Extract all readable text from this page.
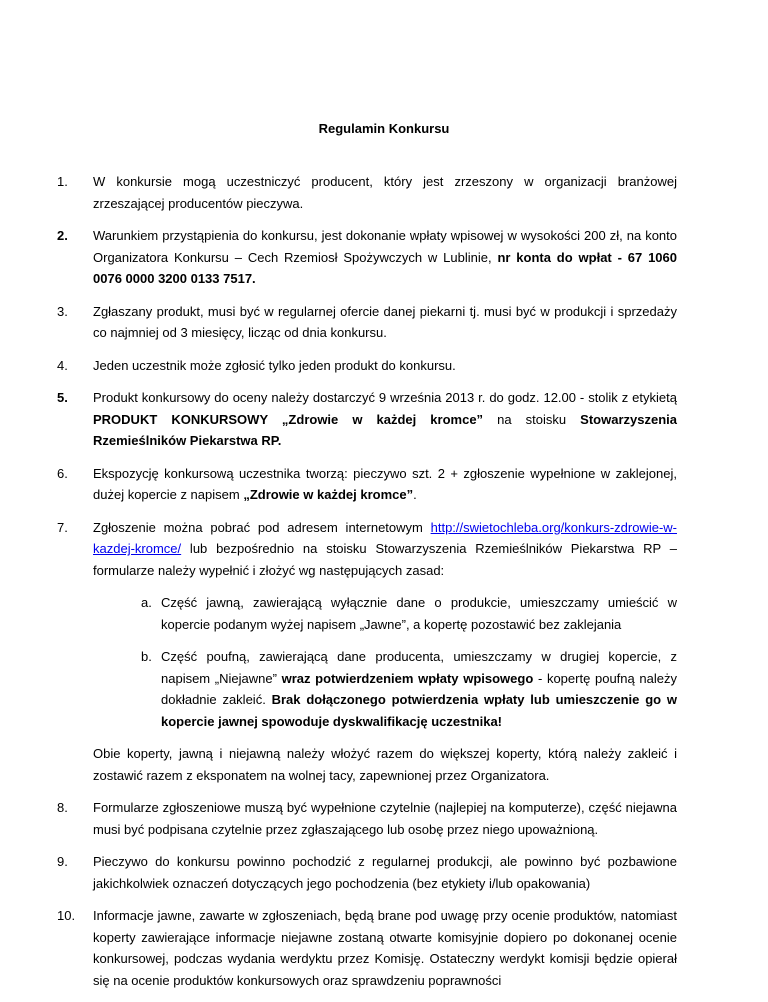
Regulamin Konkursu
1.	W konkursie mogą uczestniczyć producent, który jest zrzeszony w organizacji branżowej zrzeszającej producentów pieczywa.
2.	Warunkiem przystąpienia do konkursu, jest dokonanie wpłaty wpisowej w wysokości 200 zł, na konto Organizatora Konkursu – Cech Rzemiosł Spożywczych w Lublinie, nr konta do wpłat - 67 1060 0076 0000 3200 0133 7517.
3.	Zgłaszany produkt, musi być w regularnej ofercie danej piekarni tj. musi być w produkcji i sprzedaży co najmniej od 3 miesięcy, licząc od dnia konkursu.
4.	Jeden uczestnik może zgłosić tylko jeden produkt do konkursu.
5.	Produkt konkursowy do oceny należy dostarczyć 9 września 2013 r. do godz. 12.00 - stolik z etykietą PRODUKT KONKURSOWY „Zdrowie w każdej kromce” na stoisku Stowarzyszenia Rzemieślników Piekarstwa RP.
6.	Ekspozycję konkursową uczestnika tworzą: pieczywo szt. 2 + zgłoszenie wypełnione w zaklejonej, dużej kopercie z napisem „Zdrowie w każdej kromce”.
7.	Zgłoszenie można pobrać pod adresem internetowym http://swietochleba.org/konkurs-zdrowie-w-kazdej-kromce/ lub bezpośrednio na stoisku Stowarzyszenia Rzemieślników Piekarstwa RP – formularze należy wypełnić i złożyć wg następujących zasad:
a. Część jawną, zawierającą wyłącznie dane o produkcie, umieszczamy umieścić w kopercie podanym wyżej napisem „Jawne”, a kopertę pozostawić bez zaklejania
b. Część poufną, zawierającą dane producenta, umieszczamy w drugiej kopercie, z napisem „Niejawne” wraz potwierdzeniem wpłaty wpisowego - kopertę poufną należy dokładnie zakleić. Brak dołączonego potwierdzenia wpłaty lub umieszczenie go w kopercie jawnej spowoduje dyskwalifikację uczestnika!
Obie koperty, jawną i niejawną należy włożyć razem do większej koperty, którą należy zakleić i zostawić razem z eksponatem na wolnej tacy, zapewnionej przez Organizatora.
8.	Formularze zgłoszeniowe muszą być wypełnione czytelnie (najlepiej na komputerze), część niejawna musi być podpisana czytelnie przez zgłaszającego lub osobę przez niego upoważnioną.
9.	Pieczywo do konkursu powinno pochodzić z regularnej produkcji, ale powinno być pozbawione jakichkolwiek oznaczeń dotyczących jego pochodzenia (bez etykiety i/lub opakowania)
10.	Informacje jawne, zawarte w zgłoszeniach, będą brane pod uwagę przy ocenie produktów, natomiast koperty zawierające informacje niejawne zostaną otwarte komisyjnie dopiero po dokonanej ocenie konkursowej, podczas wydania werdyktu przez Komisję. Ostateczny werdykt komisji będzie opierał się na ocenie produktów konkursowych oraz sprawdzeniu poprawności
